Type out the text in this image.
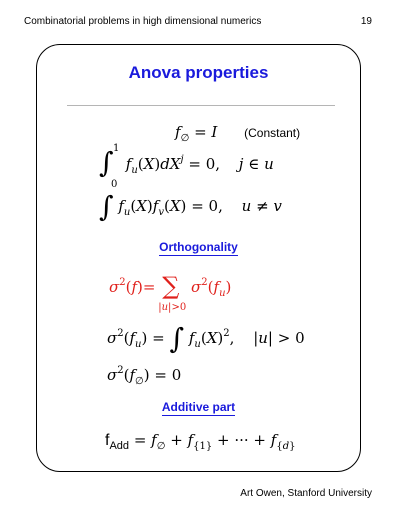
Combinatorial problems in high dimensional numerics	19
Anova properties
$f_\emptyset = I$ (Constant)
∫ 1
0
$f_u(X)dX^j = 0$, j ∈ u
∫ $f_u(X)f_v(X) = 0$, u ≠ v
Orthogonality
$\sigma^2(f)=$ ∑
|u|>0
$\sigma^2(f_u)$
$\sigma^2(f_u)$ = ∫ $f_u(X)^2$, |u| > 0
$\sigma^2(f_\emptyset) = 0$
Additive part
$f_{Add} = f_\emptyset + f_{\{1\}}$ + ··· + $f_{\{d\}}$
Art Owen, Stanford University
